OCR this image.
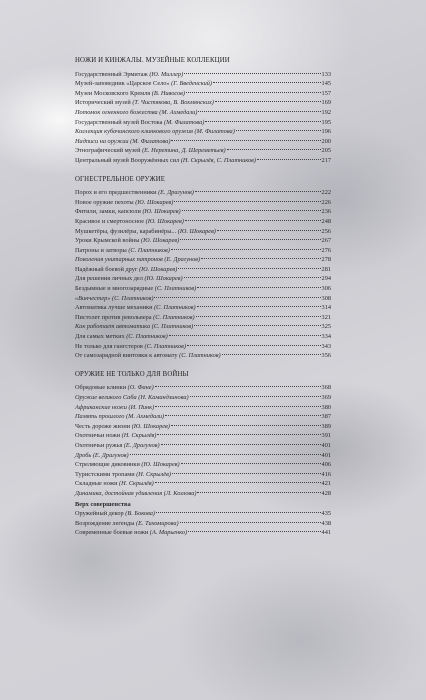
НОЖИ И КИНЖАЛЫ. МУЗЕЙНЫЕ КОЛЛЕКЦИИ
Государственный Эрмитаж (Ю. Миллер)	133
Музей-заповедник «Царское Село» (Г. Введенский)	145
Музеи Московского Кремля (В. Нивосов)	157
Исторический музей (Т. Чистякова, В. Вохмянских)	169
Потомок огненного божества (М. Ахмедали)	192
Государственный музей Востока (М. Филатова)	195
Коллекция кубачинского клинкового оружия (М. Филатова)	196
Надписи на оружии (М. Филатова)	200
Этнографический музей (Е. Неретина, Д. Шереметьев)	205
Центральный музей Вооружённых сил (Н. Скрылёв, С. Платников)	217
ОГНЕСТРЕЛЬНОЕ ОРУЖИЕ
Порох и его предшественники (Е. Драгунов)	222
Новое оружие пехоты (Ю. Шокарев)	226
Фитили, замки, капсюли (Ю. Шокарев)	236
Красивое и смертоносное (Ю. Шокарев)	248
Мушкетёры, фузилёры, карабинёры... (Ю. Шокарев)	256
Уроки Крымской войны (Ю. Шокарев)	267
Патроны и затворы (С. Платников)	276
Поколения унитарных патронов (Е. Драгунов)	278
Надёжный боевой друг (Ю. Шокарев)	281
Для решения личных дел (Ю. Шокарев)	294
Бездымные и многозарядные (С. Платников)	306
«Винчестер» (С. Платников)	308
Автоматика лучше механики (С. Платников)	314
Пистолет против револьвера (С. Платников)	321
Как работает автоматика (С. Платников)	325
Для самых метких (С. Платников)	334
Не только для гангстеров (С. Платников)	343
От самозарядной винтовки к автомату (С. Платников)	356
ОРУЖИЕ НЕ ТОЛЬКО ДЛЯ ВОЙНЫ
Обрядовые клинки (О. Фане)	368
Оружие великого Саба (Н. Камандзинова)	369
Африканские ножи (И. Пинк)	380
Память прошлого (М. Ахмедали)	387
Честь дороже жизни (Ю. Шокарев)	389
Охотничьи ножи (Н. Скрылёв)	391
Охотничьи ружья (Е. Драгунов)	401
Дробь (Е. Драгунов)	401
Стреляющие диковинки (Ю. Шокарев)	406
Туристскими тропами (Н. Скрылёв)	416
Складные ножи (Н. Скрылёв)	421
Динамика, достойная удивления (Л. Козлова)	428
Верх совершенства
Оружейный декор (В. Бокова)	435
Возрождение легенды (Е. Тихомирова)	438
Современные боевые ножи (А. Марьенко)	441
